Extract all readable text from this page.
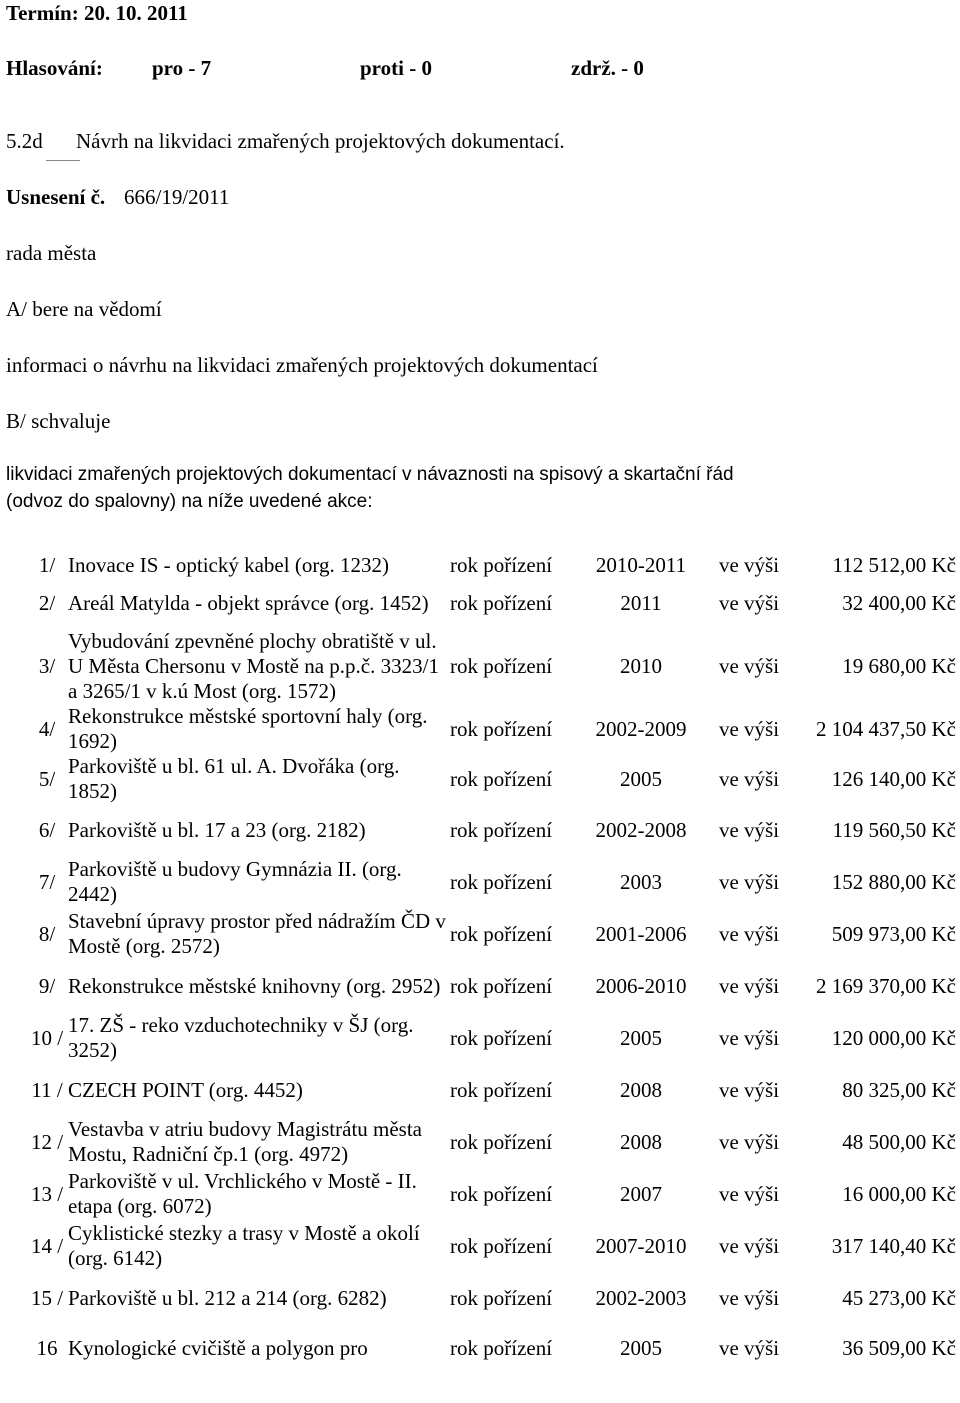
Termín: 20. 10. 2011
Hlasování: pro - 7	proti - 0	zdrž. - 0
5.2d Návrh na likvidaci zmařených projektových dokumentací.
Usnesení č. 666/19/2011
rada města
A/ bere na vědomí
informaci o návrhu na likvidaci zmařených projektových dokumentací
B/ schvaluje
likvidaci zmařených projektových dokumentací v návaznosti na spisový a skartační řád
(odvoz do spalovny) na níže uvedené akce:
1/	Inovace IS - optický kabel (org. 1232)	rok pořízení	2010-2011	ve výši	112 512,00 Kč
2/	Areál Matylda - objekt správce (org. 1452)	rok pořízení	2011	ve výši	32 400,00 Kč
3/	Vybudování zpevněné plochy obratiště v ul. U Města Chersonu v Mostě na p.p.č. 3323/1 a 3265/1 v k.ú Most (org. 1572)	rok pořízení	2010	ve výši	19 680,00 Kč
4/	Rekonstrukce městské sportovní haly (org. 1692)	rok pořízení	2002-2009	ve výši	2 104 437,50 Kč
5/	Parkoviště u bl. 61 ul. A. Dvořáka (org. 1852)	rok pořízení	2005	ve výši	126 140,00 Kč
6/	Parkoviště u bl. 17 a 23 (org. 2182)	rok pořízení	2002-2008	ve výši	119 560,50 Kč
7/	Parkoviště u budovy Gymnázia II. (org. 2442)	rok pořízení	2003	ve výši	152 880,00 Kč
8/	Stavební úpravy prostor před nádražím ČD v Mostě (org. 2572)	rok pořízení	2001-2006	ve výši	509 973,00 Kč
9/	Rekonstrukce městské knihovny (org. 2952)	rok pořízení	2006-2010	ve výši	2 169 370,00 Kč
10 /	17. ZŠ - reko vzduchotechniky v ŠJ (org. 3252)	rok pořízení	2005	ve výši	120 000,00 Kč
11 /	CZECH POINT (org. 4452)	rok pořízení	2008	ve výši	80 325,00 Kč
12 /	Vestavba v atriu budovy Magistrátu města Mostu, Radniční čp.1 (org. 4972)	rok pořízení	2008	ve výši	48 500,00 Kč
13 /	Parkoviště v ul. Vrchlického v Mostě - II. etapa (org. 6072)	rok pořízení	2007	ve výši	16 000,00 Kč
14 /	Cyklistické stezky a trasy v Mostě a okolí (org. 6142)	rok pořízení	2007-2010	ve výši	317 140,40 Kč
15 /	Parkoviště u bl. 212 a 214 (org. 6282)	rok pořízení	2002-2003	ve výši	45 273,00 Kč
16	Kynologické cvičiště a polygon pro	rok pořízení	2005	ve výši	36 509,00 Kč
